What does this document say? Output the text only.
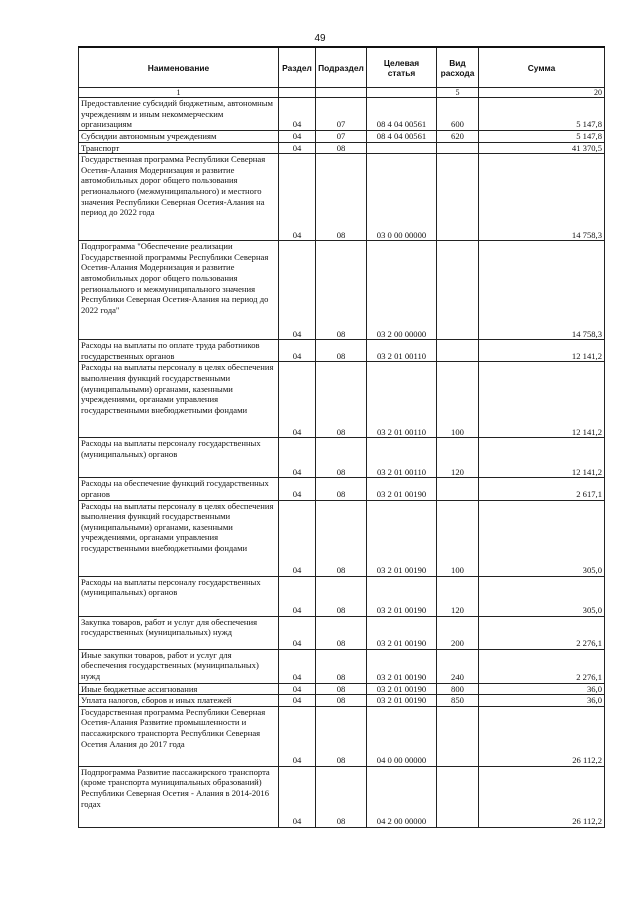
49
Наименование	Раздел	Подраздел	Целевая статья	Вид расхода	Сумма
1				5	20
Предоставление субсидий бюджетным, автономным учреждениям и иным некоммерческим организациям	04	07	08 4 04 00561	600	5 147,8
Субсидии автономным учреждениям	04	07	08 4 04 00561	620	5 147,8
Транспорт	04	08			41 370,5
Государственная программа Республики Северная Осетия-Алания Модернизация и развитие автомобильных дорог общего пользования регионального (межмуниципального) и местного значения Республики Северная Осетия-Алания на период до 2022 года	04	08	03 0 00 00000		14 758,3
Подпрограмма "Обеспечение реализации Государственной программы Республики Северная Осетия-Алания Модернизация и развитие автомобильных дорог общего пользования регионального и межмуниципального значения Республики Северная Осетия-Алания на период до 2022 года"	04	08	03 2 00 00000		14 758,3
Расходы на выплаты по оплате труда работников государственных органов	04	08	03 2 01 00110		12 141,2
Расходы на выплаты персоналу в целях обеспечения выполнения функций государственными (муниципальными) органами, казенными учреждениями, органами управления государственными внебюджетными фондами	04	08	03 2 01 00110	100	12 141,2
Расходы на выплаты персоналу государственных (муниципальных) органов	04	08	03 2 01 00110	120	12 141,2
Расходы на обеспечение функций государственных органов	04	08	03 2 01 00190		2 617,1
Расходы на выплаты персоналу в целях обеспечения выполнения функций государственными (муниципальными) органами, казенными учреждениями, органами управления государственными внебюджетными фондами	04	08	03 2 01 00190	100	305,0
Расходы на выплаты персоналу государственных (муниципальных) органов	04	08	03 2 01 00190	120	305,0
Закупка товаров, работ и услуг для обеспечения государственных (муниципальных) нужд	04	08	03 2 01 00190	200	2 276,1
Иные закупки товаров, работ и услуг для обеспечения государственных (муниципальных) нужд	04	08	03 2 01 00190	240	2 276,1
Иные бюджетные ассигнования	04	08	03 2 01 00190	800	36,0
Уплата налогов, сборов и иных платежей	04	08	03 2 01 00190	850	36,0
Государственная программа Республики Северная Осетия-Алания Развитие промышленности и пассажирского транспорта Республики Северная Осетия Алания до 2017 года	04	08	04 0 00 00000		26 112,2
Подпрограмма Развитие пассажирского транспорта (кроме транспорта муниципальных образований) Республики Северная Осетия - Алания в 2014-2016 годах	04	08	04 2 00 00000		26 112,2
